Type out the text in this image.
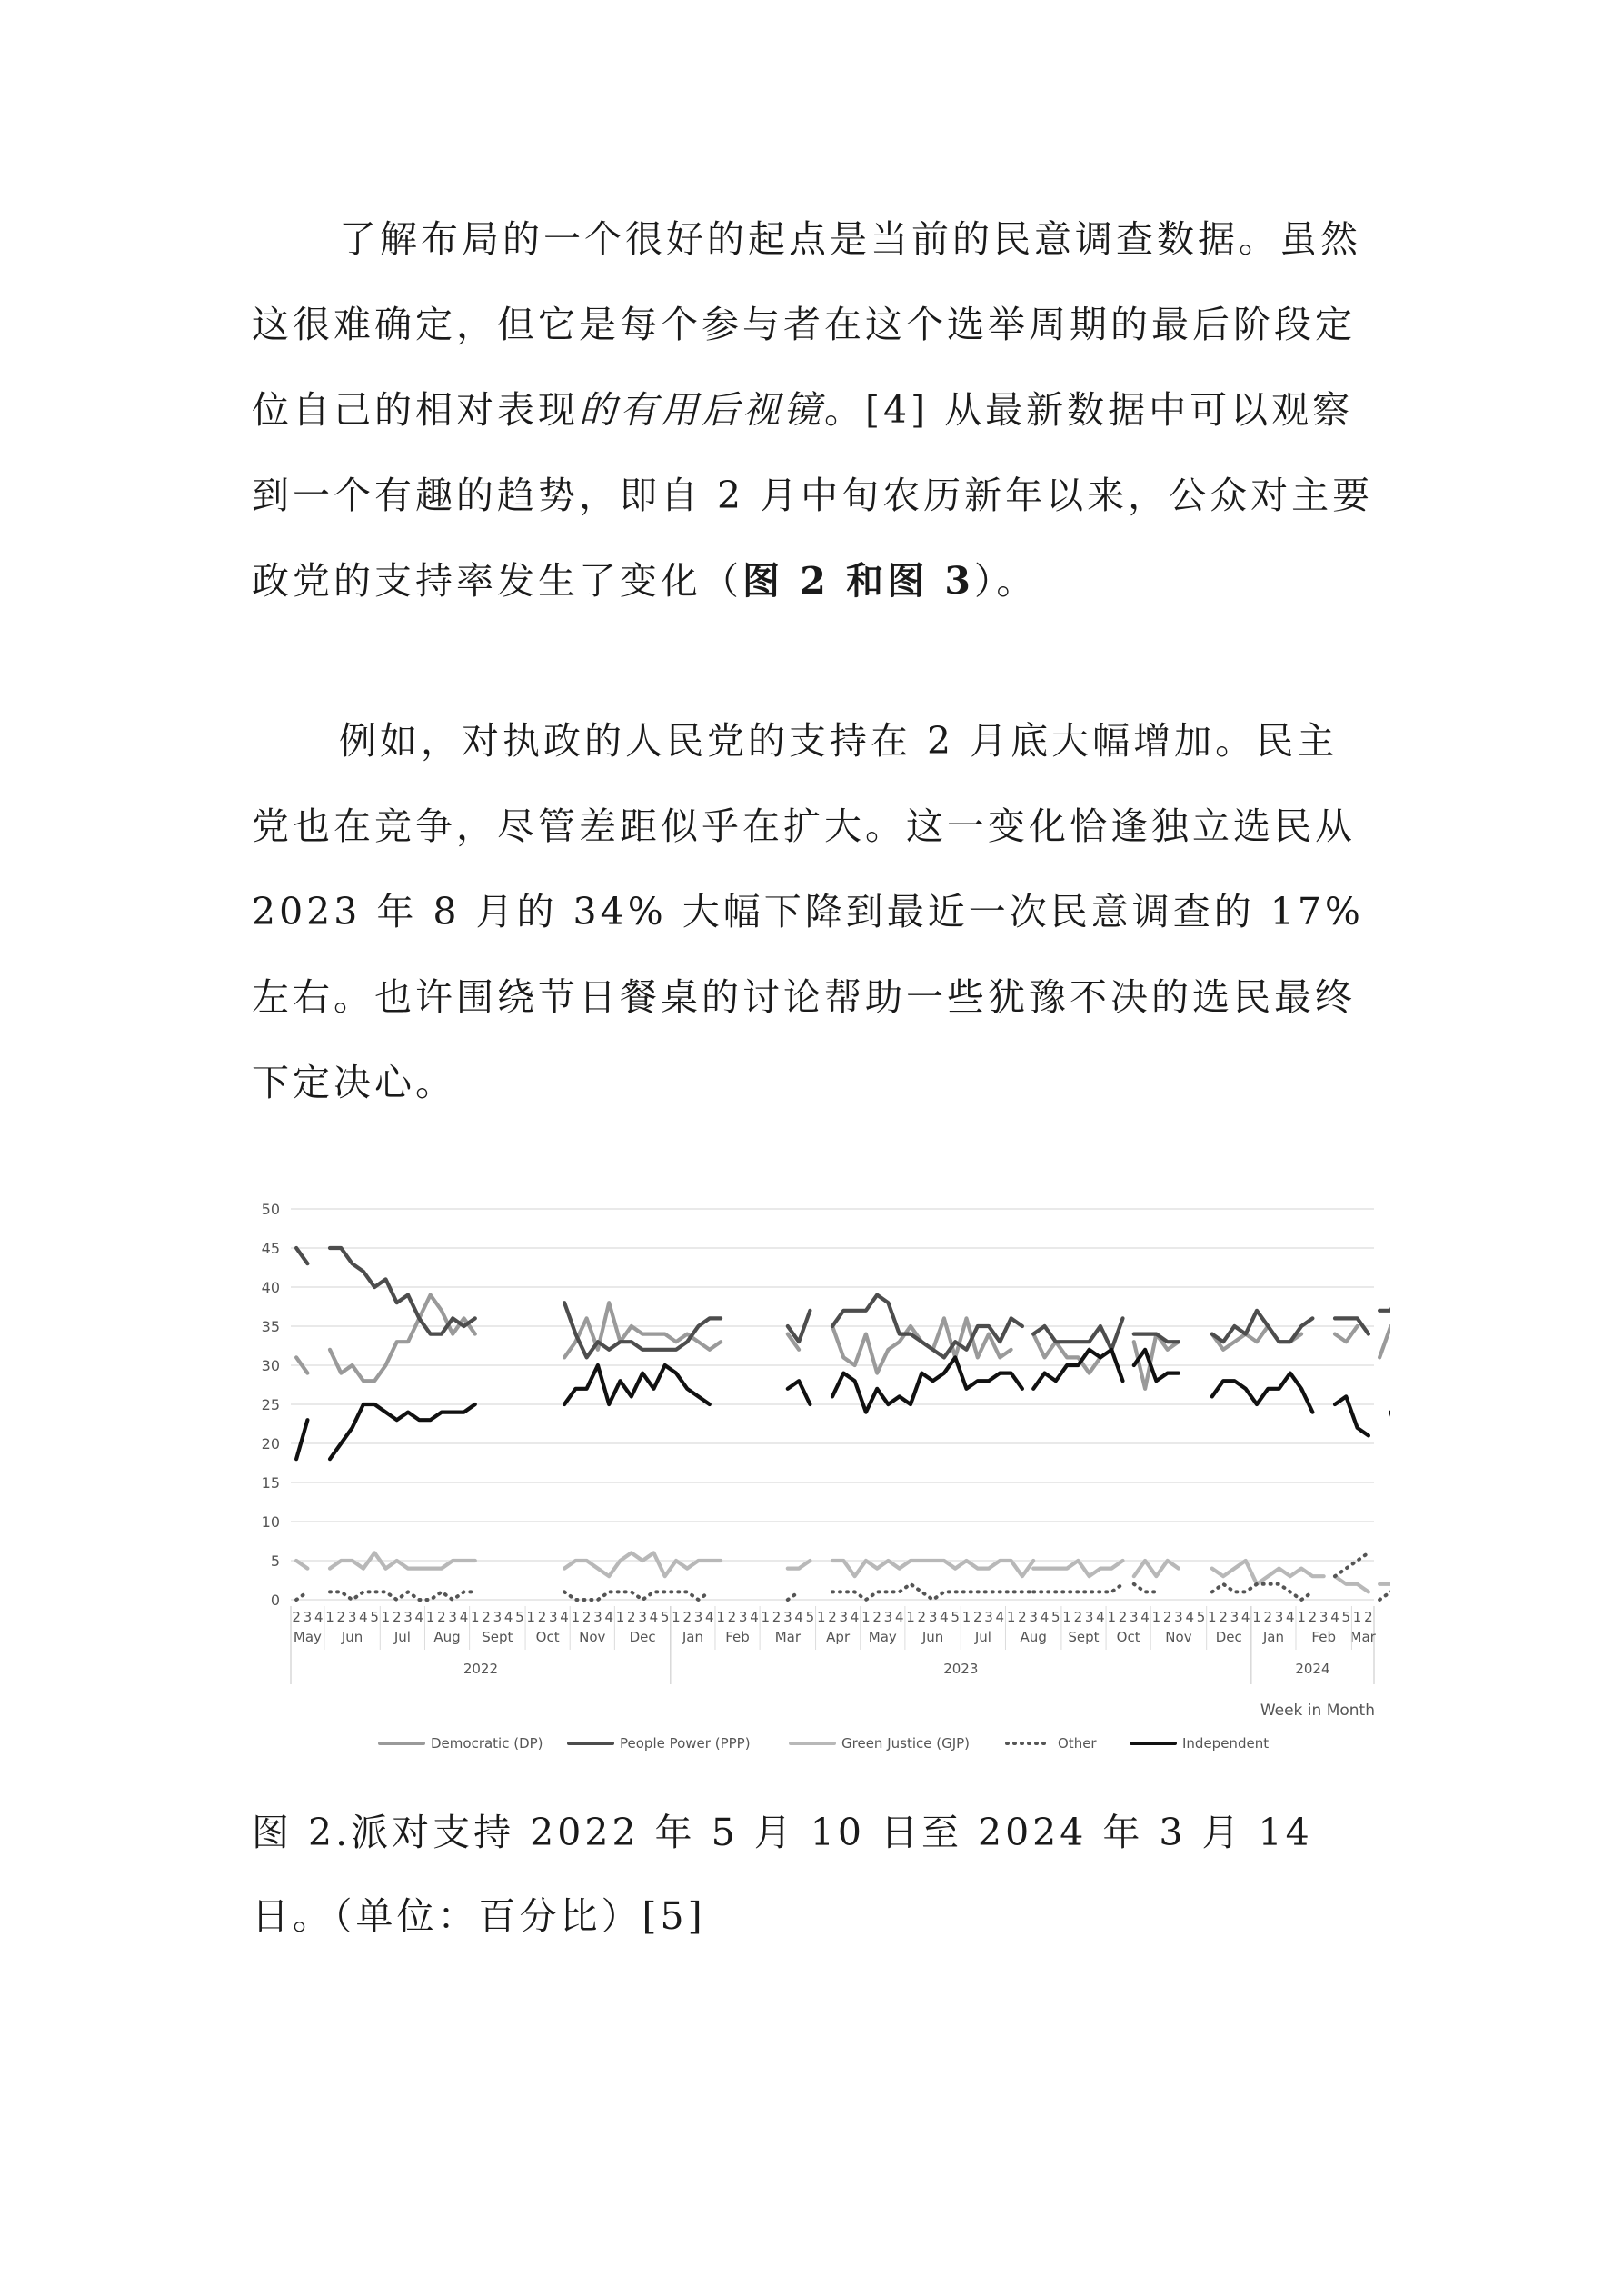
了解布局的一个很好的起点是当前的民意调查数据。虽然这很难确定，但它是每个参与者在这个选举周期的最后阶段定位自己的相对表现的有用后视镜。[4] 从最新数据中可以观察到一个有趣的趋势，即自 2 月中旬农历新年以来，公众对主要政党的支持率发生了变化（图 2 和图 3）。

例如，对执政的人民党的支持在 2 月底大幅增加。民主党也在竞争，尽管差距似乎在扩大。这一变化恰逢独立选民从 2023 年 8 月的 34% 大幅下降到最近一次民意调查的 17% 左右。也许围绕节日餐桌的讨论帮助一些犹豫不决的选民最终下定决心。

0
5
10
15
20
25
30
35
40
45
50
2 3 4 1 2 3 4 5 1 2 3 4 1 2 3 4 1 2 3 4 5 1 2 3 4 1 2 3 4 1 2 3 4 5 1 2 3 4 1 2 3 4 1 2 3 4 5 1 2 3 4 1 2 3 4 1 2 3 4 5 1 2 3 4 1 2 3 4 5 1 2 3 4 1 2 3 4 1 2 3 4 5 1 2 3 4 1 2 3 4 1 2 3 4 5 1 2
May Jun Jul Aug Sept Oct Nov Dec Jan Feb Mar Apr May Jun Jul Aug Sept Oct Nov Dec Jan Feb Mar
2022	2023	2024
Week in Month
Democratic (DP)	People Power (PPP)	Green Justice (GJP)	Other	Independent
图 2.派对支持 2022 年 5 月 10 日至 2024 年 3 月 14 日。（单位：百分比）[5]
